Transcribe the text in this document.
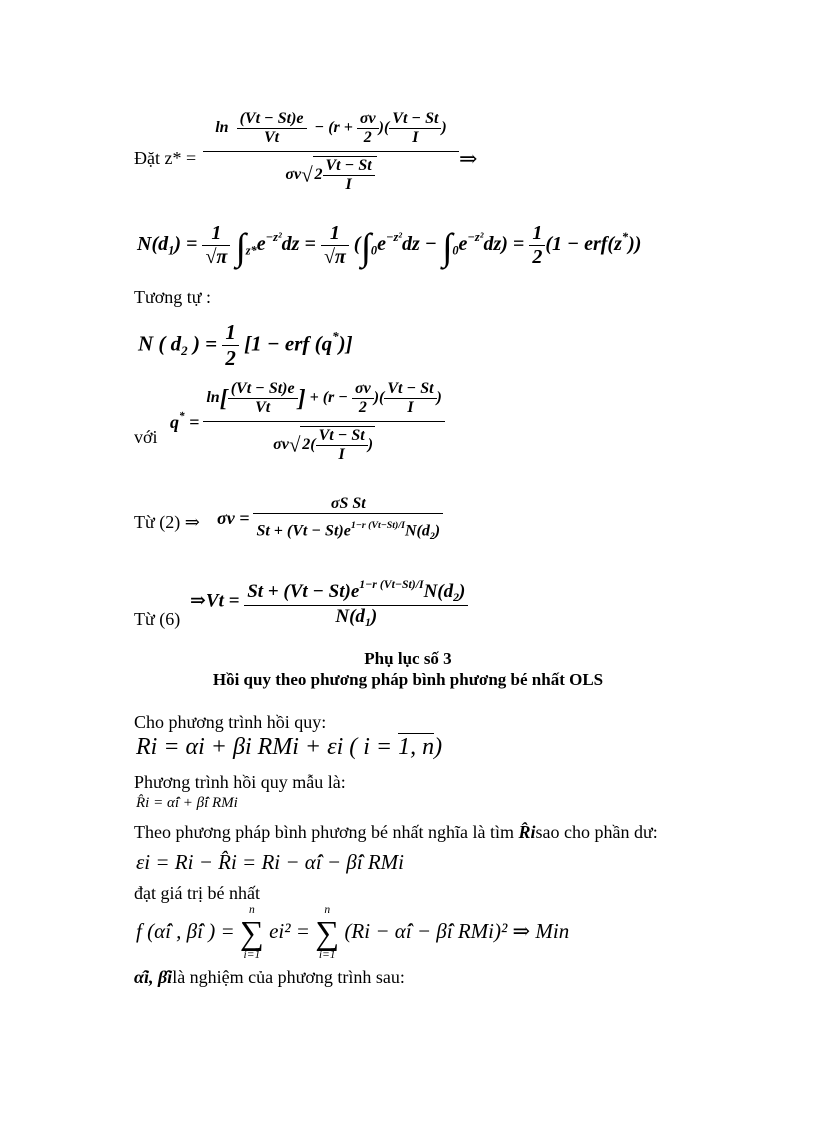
Đặt $z* = \frac{\ln \frac{(Vt - St)e}{Vt} - (r + \frac{\sigma v}{2} )( \frac{Vt - St}{I} )}{\sigma v√ 2 \frac{Vt - St}{I}}$ ⇒
$N(d_1) = \frac{1}{√\pi} \int_{z*}e^{-z^2}dz = \frac{1}{√\pi} (\int_0e^{-z^2}dz - \int_0e^{-z^2}dz) = \frac{1}{2} (1 - erf(z^*))$
Tương tự :
N ( $d_2$ ) = $\frac{1}{2} [1$ − erf (q*)]
với
$q^* = \frac{\ln[ \frac{(Vt - St)e}{Vt} ] + (r - \frac{\sigma v}{2} )( \frac{Vt - St}{I} )}{\sigma v√ 2( \frac{Vt - St}{I} )}$
Từ (2) ⇒ $\sigma v = \frac{\text{σS St}}{St + (Vt - St)e^{1-r (Vt-St)/I}N(d_2)}$
Từ (6)
⇒Vt = $\frac{St + (Vt - St)e^{1-r (Vt-St)/I}N(d_2)}{N(d_1)}$
Phụ lục số 3
Hồi quy theo phương pháp bình phương bé nhất OLS
Cho phương trình hồi quy:
Ri = αi + βi RMi + εi ( i = 1, n)
Phương trình hồi quy mẫu là:
R̂i = α̂i + β̂i RMi
Theo phương pháp bình phương bé nhất nghĩa là tìm R̂isao cho phần dư:
εi = Ri − R̂i = Ri − α̂i − β̂i RMi
đạt giá trị bé nhất
f (α̂i , β̂i ) =
n
∑
i=1
ei² =
n
∑
i=1
(Ri − α̂i − β̂i RMi)² ⇒ Min
α̂i, β̂ilà nghiệm của phương trình sau:
